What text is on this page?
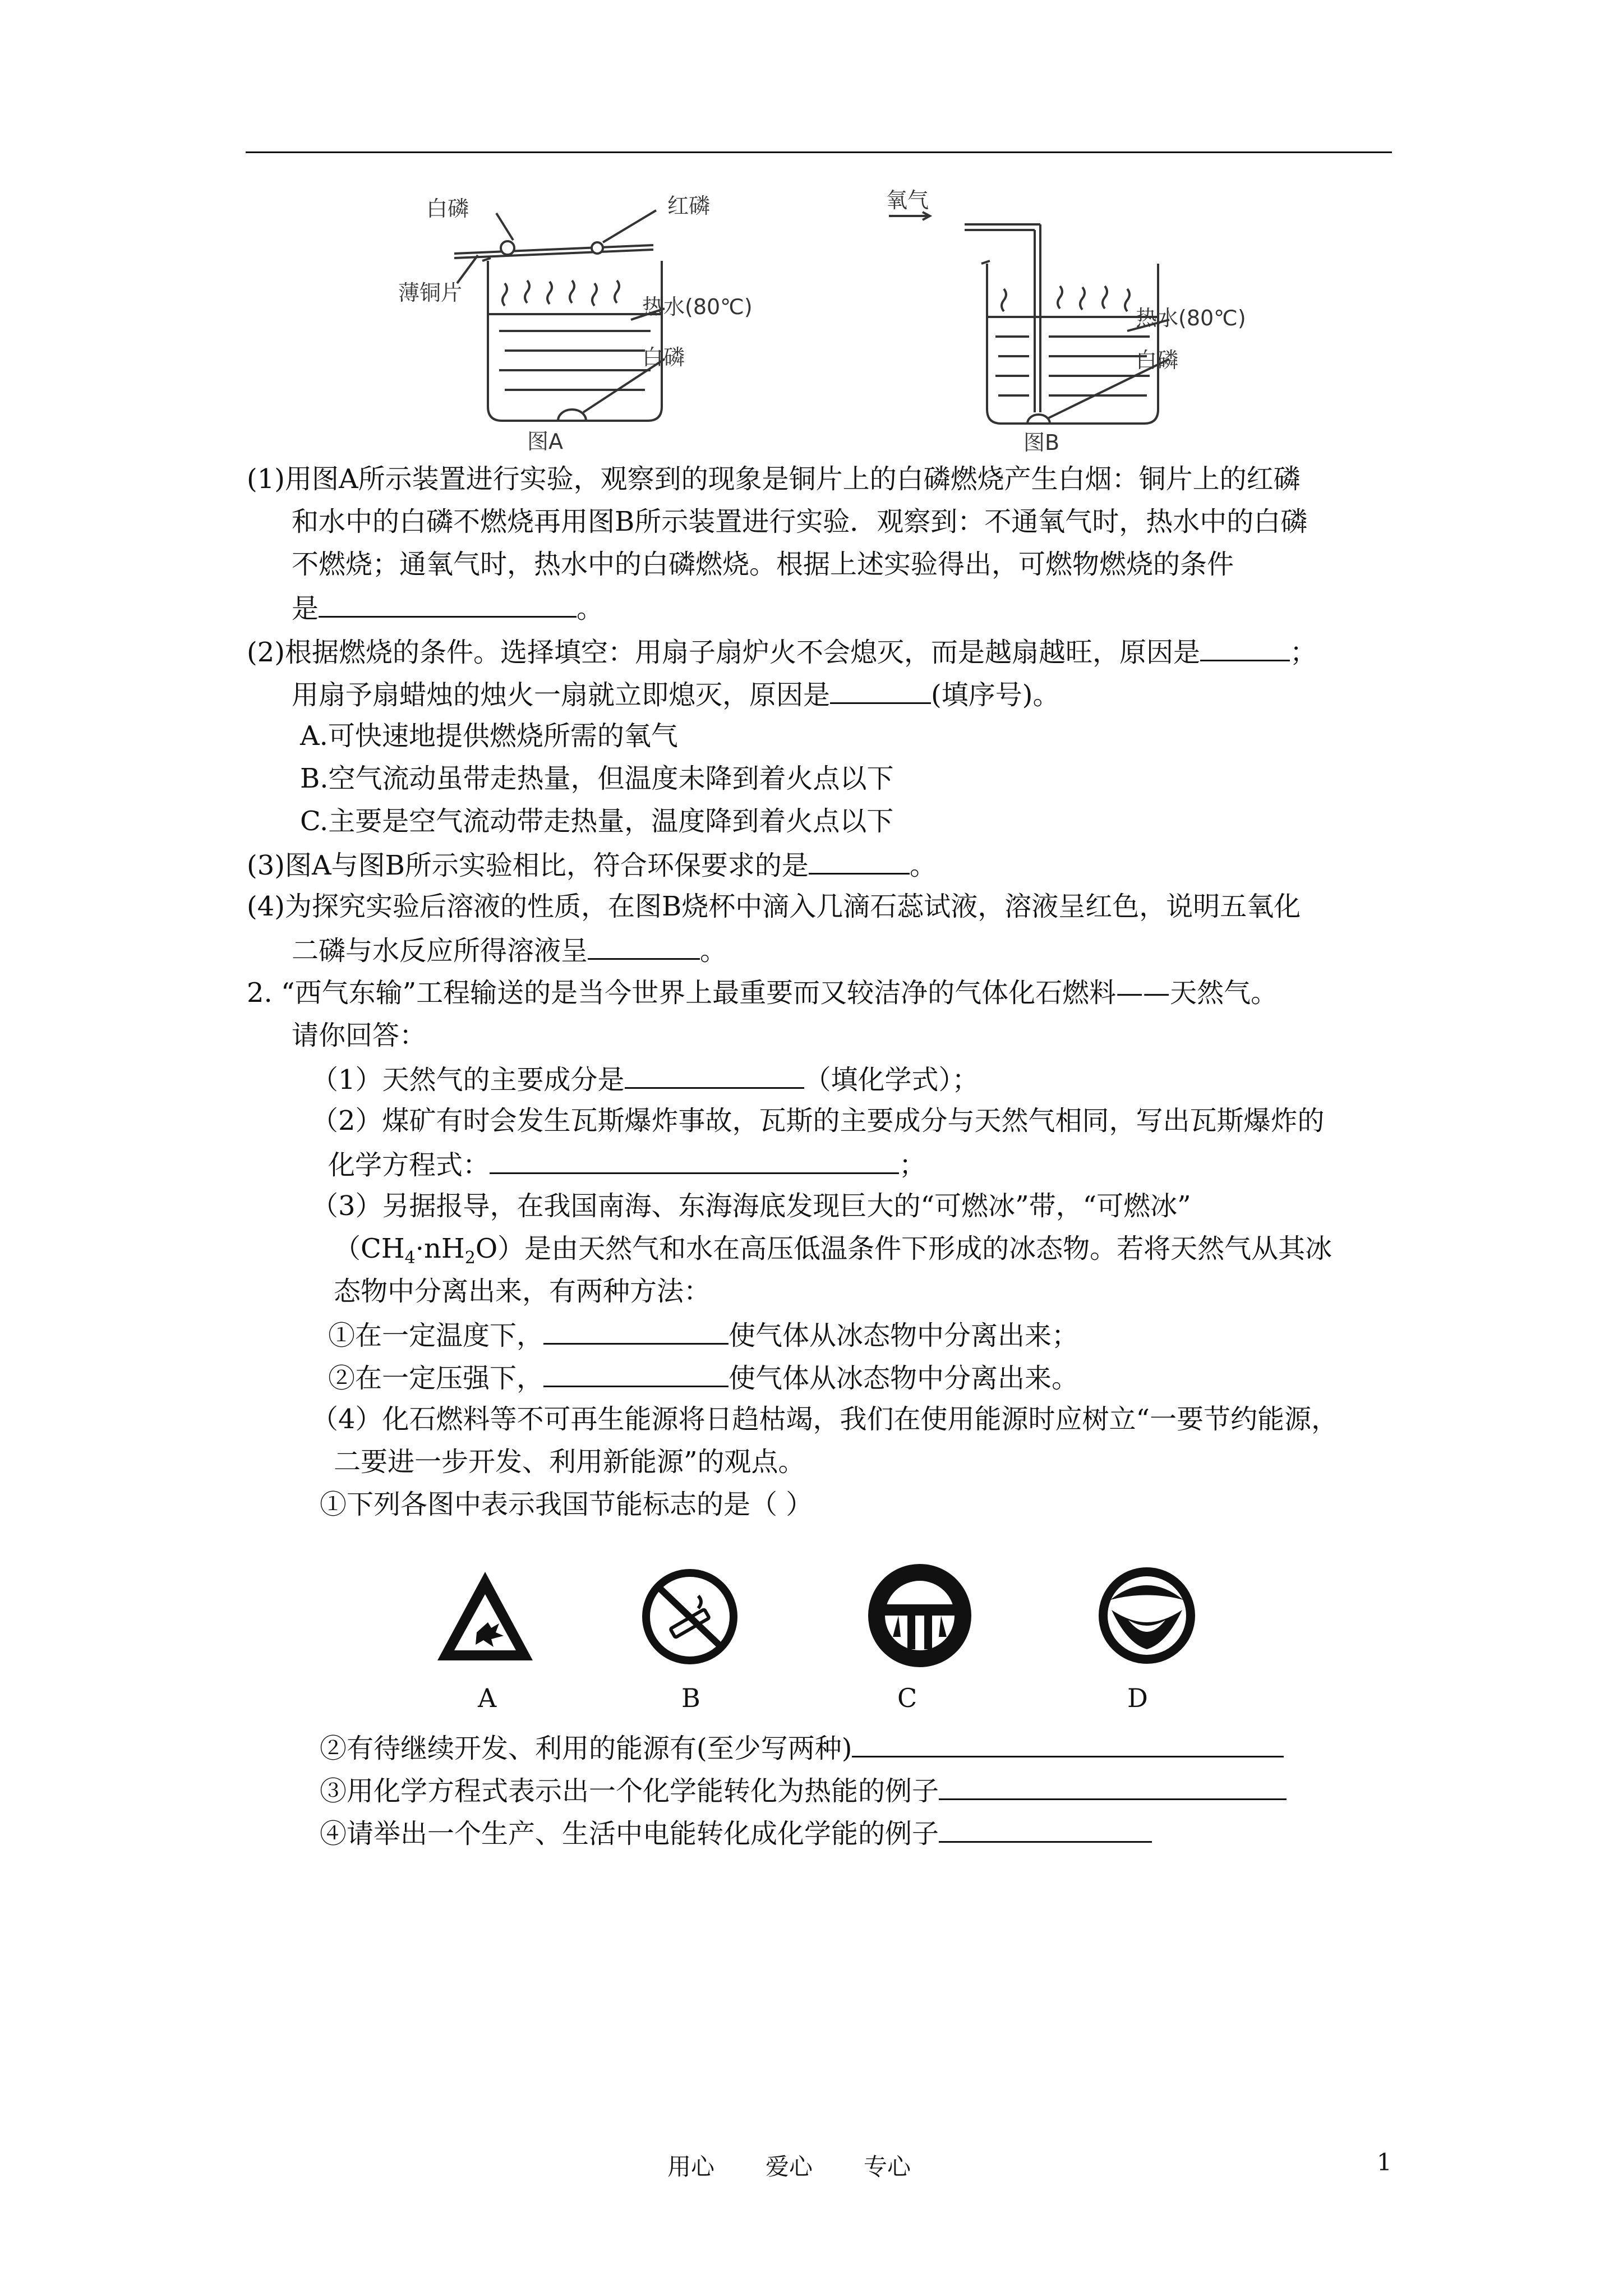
白磷	红磷
薄铜片
热水(80℃)
白磷
图A
氧气
热水(80℃)
白磷
图B
(1)用图A所示装置进行实验，观察到的现象是铜片上的白磷燃烧产生白烟：铜片上的红磷
和水中的白磷不燃烧再用图B所示装置进行实验．观察到：不通氧气时，热水中的白磷
不燃烧；通氧气时，热水中的白磷燃烧。根据上述实验得出，可燃物燃烧的条件
是	。
(2)根据燃烧的条件。选择填空：用扇子扇炉火不会熄灭，而是越扇越旺，原因是	；
用扇予扇蜡烛的烛火一扇就立即熄灭，原因是	(填序号)。
A.可快速地提供燃烧所需的氧气
B.空气流动虽带走热量，但温度未降到着火点以下
C.主要是空气流动带走热量，温度降到着火点以下
(3)图A与图B所示实验相比，符合环保要求的是	。
(4)为探究实验后溶液的性质，在图B烧杯中滴入几滴石蕊试液，溶液呈红色，说明五氧化
二磷与水反应所得溶液呈	。
2. “西气东输”工程输送的是当今世界上最重要而又较洁净的气体化石燃料——天然气。
请你回答：
（1）天然气的主要成分是	（填化学式）；
（2）煤矿有时会发生瓦斯爆炸事故，瓦斯的主要成分与天然气相同，写出瓦斯爆炸的
化学方程式：	；
（3）另据报导，在我国南海、东海海底发现巨大的“可燃冰”带，“可燃冰”
$(CH_4\cdot nH_2O)$是由天然气和水在高压低温条件下形成的冰态物。若将天然气从其冰
态物中分离出来，有两种方法：
①在一定温度下，	使气体从冰态物中分离出来；
②在一定压强下，	使气体从冰态物中分离出来。
（4）化石燃料等不可再生能源将日趋枯竭，我们在使用能源时应树立“一要节约能源，
二要进一步开发、利用新能源”的观点。
①下列各图中表示我国节能标志的是（ ）
A	B	C	D
②有待继续开发、利用的能源有(至少写两种)
③用化学方程式表示出一个化学能转化为热能的例子
④请举出一个生产、生活中电能转化成化学能的例子
用心 爱心 专心	1
